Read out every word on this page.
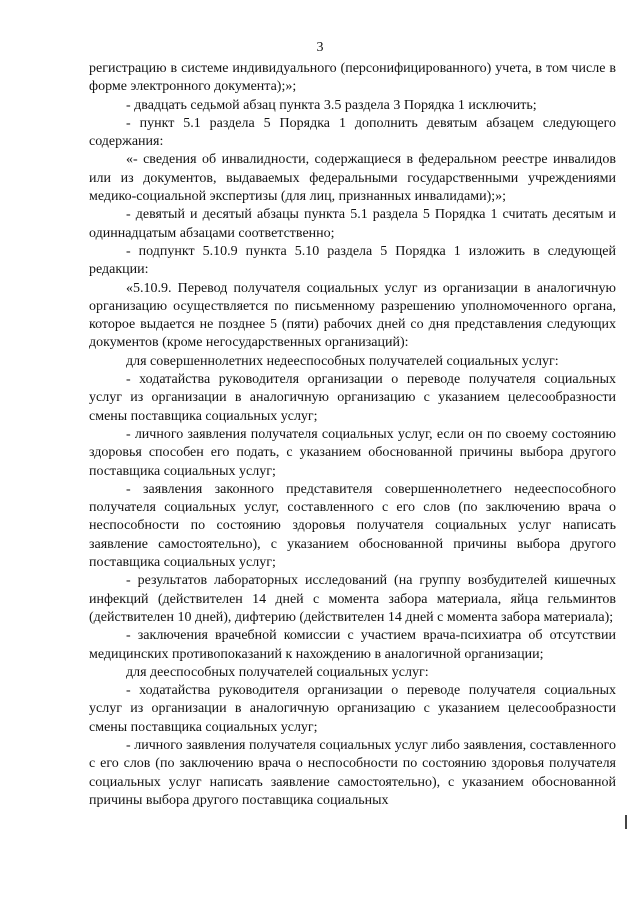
3

регистрацию в системе индивидуального (персонифицированного) учета, в том числе в форме электронного документа);»;

- двадцать седьмой абзац пункта 3.5 раздела 3 Порядка 1 исключить;

- пункт 5.1 раздела 5 Порядка 1 дополнить девятым абзацем следующего содержания:

«- сведения об инвалидности, содержащиеся в федеральном реестре инвалидов или из документов, выдаваемых федеральными государственными учреждениями медико-социальной экспертизы (для лиц, признанных инвалидами);»;

- девятый и десятый абзацы пункта 5.1 раздела 5 Порядка 1 считать десятым и одиннадцатым абзацами соответственно;

- подпункт 5.10.9 пункта 5.10 раздела 5 Порядка 1 изложить в следующей редакции:

«5.10.9. Перевод получателя социальных услуг из организации в аналогичную организацию осуществляется по письменному разрешению уполномоченного органа, которое выдается не позднее 5 (пяти) рабочих дней со дня представления следующих документов (кроме негосударственных организаций):

для совершеннолетних недееспособных получателей социальных услуг:

- ходатайства руководителя организации о переводе получателя социальных услуг из организации в аналогичную организацию с указанием целесообразности смены поставщика социальных услуг;

- личного заявления получателя социальных услуг, если он по своему состоянию здоровья способен его подать, с указанием обоснованной причины выбора другого поставщика социальных услуг;

- заявления законного представителя совершеннолетнего недееспособного получателя социальных услуг, составленного с его слов (по заключению врача о неспособности по состоянию здоровья получателя социальных услуг написать заявление самостоятельно), с указанием обоснованной причины выбора другого поставщика социальных услуг;

- результатов лабораторных исследований (на группу возбудителей кишечных инфекций (действителен 14 дней с момента забора материала, яйца гельминтов (действителен 10 дней), дифтерию (действителен 14 дней с момента забора материала);

- заключения врачебной комиссии с участием врача-психиатра об отсутствии медицинских противопоказаний к нахождению в аналогичной организации;

для дееспособных получателей социальных услуг:

- ходатайства руководителя организации о переводе получателя социальных услуг из организации в аналогичную организацию с указанием целесообразности смены поставщика социальных услуг;

- личного заявления получателя социальных услуг либо заявления, составленного с его слов (по заключению врача о неспособности по состоянию здоровья получателя социальных услуг написать заявление самостоятельно), с указанием обоснованной причины выбора другого поставщика социальных
